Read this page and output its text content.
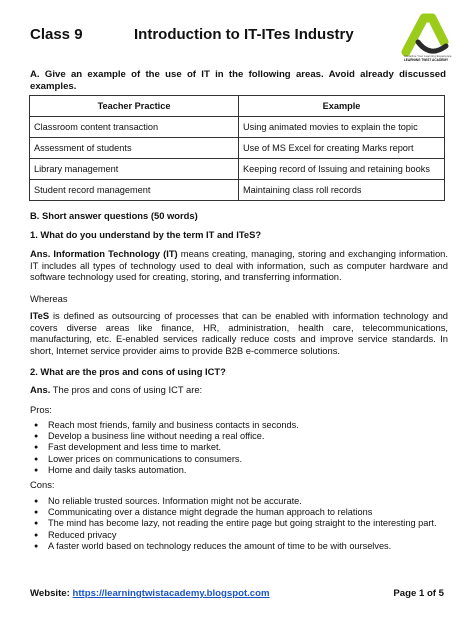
Class 9	Introduction to IT-ITes Industry
Redefine Your Learning Experience
LEARNING TWIST ACADEMY
A. Give an example of the use of IT in the following areas. Avoid already discussed examples.
Teacher Practice	Example
Classroom content transaction	Using animated movies to explain the topic
Assessment of students	Use of MS Excel for creating Marks report
Library management	Keeping record of Issuing and retaining books
Student record management	Maintaining class roll records
B. Short answer questions (50 words)
1. What do you understand by the term IT and ITeS?
Ans. Information Technology (IT) means creating, managing, storing and exchanging information. IT includes all types of technology used to deal with information, such as computer hardware and software technology used for creating, storing, and transferring information.
Whereas
ITeS is defined as outsourcing of processes that can be enabled with information technology and covers diverse areas like finance, HR, administration, health care, telecommunications, manufacturing, etc. E-enabled services radically reduce costs and improve service standards. In short, Internet service provider aims to provide B2B e-commerce solutions.
2. What are the pros and cons of using ICT?
Ans. The pros and cons of using ICT are:
Pros:
● Reach most friends, family and business contacts in seconds.
● Develop a business line without needing a real office.
● Fast development and less time to market.
● Lower prices on communications to consumers.
● Home and daily tasks automation.
Cons:
● No reliable trusted sources. Information might not be accurate.
● Communicating over a distance might degrade the human approach to relations
● The mind has become lazy, not reading the entire page but going straight to the interesting part.
● Reduced privacy
● A faster world based on technology reduces the amount of time to be with ourselves.
Website: https://learningtwistacademy.blogspot.com	Page 1 of 5
